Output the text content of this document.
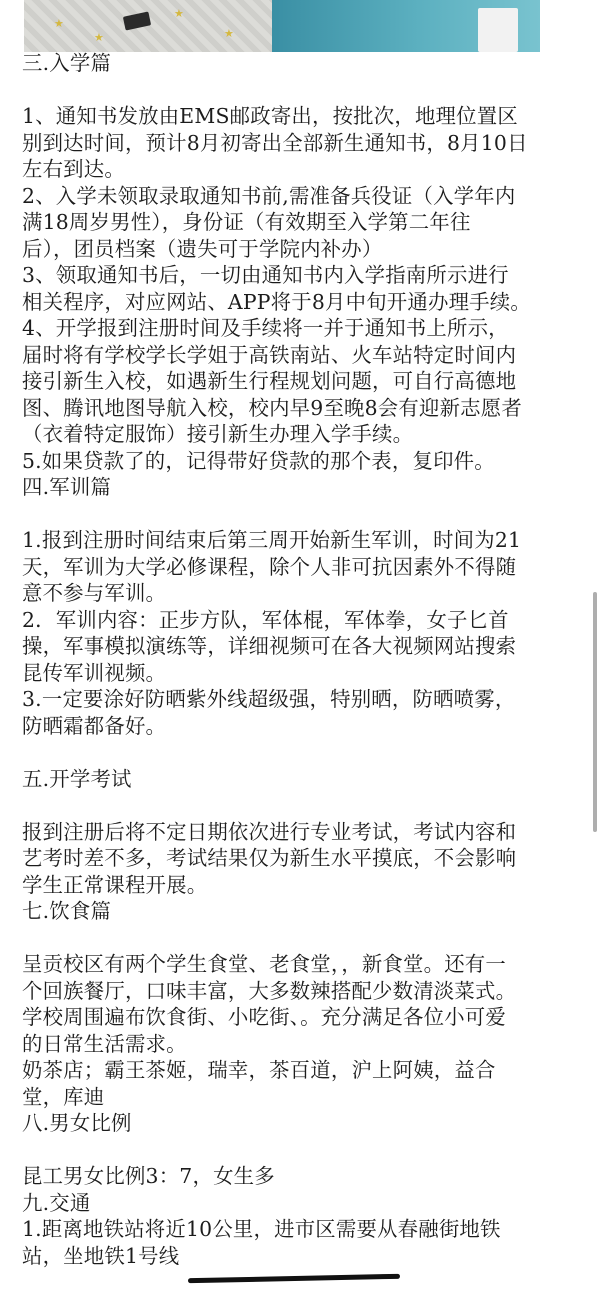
★
★
★
★

三.入学篇

1、通知书发放由EMS邮政寄出，按批次，地理位置区

别到达时间，预计8月初寄出全部新生通知书，8月10日

左右到达。

2、入学未领取录取通知书前,需准备兵役证（入学年内

满18周岁男性），身份证（有效期至入学第二年往

后），团员档案（遗失可于学院内补办）

3、领取通知书后，一切由通知书内入学指南所示进行

相关程序，对应网站、APP将于8月中旬开通办理手续。

4、开学报到注册时间及手续将一并于通知书上所示，

届时将有学校学长学姐于高铁南站、火车站特定时间内

接引新生入校，如遇新生行程规划问题，可自行高德地

图、腾讯地图导航入校，校内早9至晚8会有迎新志愿者

（衣着特定服饰）接引新生办理入学手续。

5.如果贷款了的，记得带好贷款的那个表，复印件。

四.军训篇

1.报到注册时间结束后第三周开始新生军训，时间为21

天，军训为大学必修课程，除个人非可抗因素外不得随

意不参与军训。

2．军训内容：正步方队，军体棍，军体拳，女子匕首

操，军事模拟演练等，详细视频可在各大视频网站搜索

昆传军训视频。

3.一定要涂好防晒紫外线超级强，特别晒，防晒喷雾，

防晒霜都备好。

五.开学考试

报到注册后将不定日期依次进行专业考试，考试内容和

艺考时差不多，考试结果仅为新生水平摸底，不会影响

学生正常课程开展。

七.饮食篇

呈贡校区有两个学生食堂、老食堂，，新食堂。还有一

个回族餐厅，口味丰富，大多数辣搭配少数清淡菜式。

学校周围遍布饮食街、小吃街、。充分满足各位小可爱

的日常生活需求。

奶茶店；霸王茶姬，瑞幸，茶百道，沪上阿姨，益合

堂，库迪

八.男女比例

昆工男女比例3：7，女生多

九.交通

1.距离地铁站将近10公里，进市区需要从春融街地铁

站，坐地铁1号线
